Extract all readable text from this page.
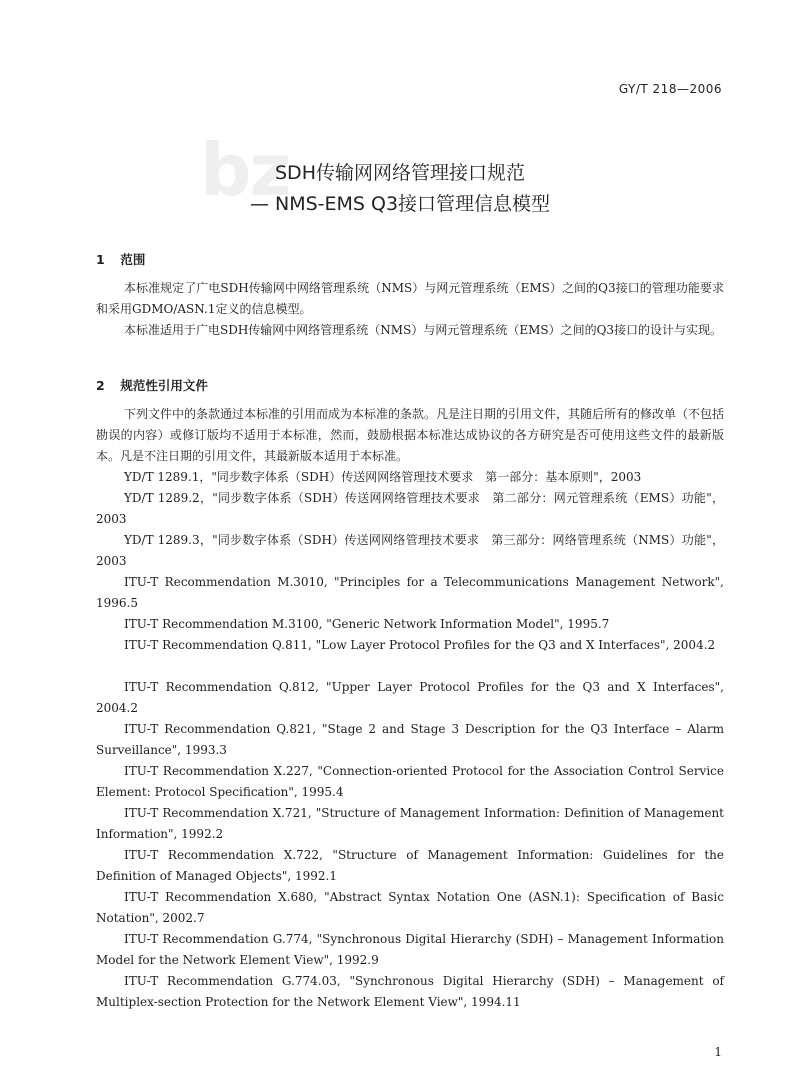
GY/T 218—2006
bz
SDH传输网网络管理接口规范
— NMS-EMS Q3接口管理信息模型
1 范围

本标准规定了广电SDH传输网中网络管理系统（NMS）与网元管理系统（EMS）之间的Q3接口的管理功能要求和采用GDMO/ASN.1定义的信息模型。

本标准适用于广电SDH传输网中网络管理系统（NMS）与网元管理系统（EMS）之间的Q3接口的设计与实现。

2 规范性引用文件

下列文件中的条款通过本标准的引用而成为本标准的条款。凡是注日期的引用文件，其随后所有的修改单（不包括勘误的内容）或修订版均不适用于本标准，然而，鼓励根据本标准达成协议的各方研究是否可使用这些文件的最新版本。凡是不注日期的引用文件，其最新版本适用于本标准。

YD/T 1289.1，"同步数字体系（SDH）传送网网络管理技术要求　第一部分：基本原则"，2003

YD/T 1289.2，"同步数字体系（SDH）传送网网络管理技术要求　第二部分：网元管理系统（EMS）功能"，2003

YD/T 1289.3，"同步数字体系（SDH）传送网网络管理技术要求　第三部分：网络管理系统（NMS）功能"，2003

ITU-T Recommendation M.3010, "Principles for a Telecommunications Management Network", 1996.5

ITU-T Recommendation M.3100, "Generic Network Information Model", 1995.7

ITU-T Recommendation Q.811, "Low Layer Protocol Profiles for the Q3 and X Interfaces", 2004.2

ITU-T Recommendation Q.812, "Upper Layer Protocol Profiles for the Q3 and X Interfaces", 2004.2

ITU-T Recommendation Q.821, "Stage 2 and Stage 3 Description for the Q3 Interface – Alarm Surveillance", 1993.3

ITU-T Recommendation X.227, "Connection-oriented Protocol for the Association Control Service Element: Protocol Specification", 1995.4

ITU-T Recommendation X.721, "Structure of Management Information: Definition of Management Information", 1992.2

ITU-T Recommendation X.722, "Structure of Management Information: Guidelines for the Definition of Managed Objects", 1992.1

ITU-T Recommendation X.680, "Abstract Syntax Notation One (ASN.1): Specification of Basic Notation", 2002.7

ITU-T Recommendation G.774, "Synchronous Digital Hierarchy (SDH) – Management Information Model for the Network Element View", 1992.9

ITU-T Recommendation G.774.03, "Synchronous Digital Hierarchy (SDH) – Management of Multiplex-section Protection for the Network Element View", 1994.11

1
